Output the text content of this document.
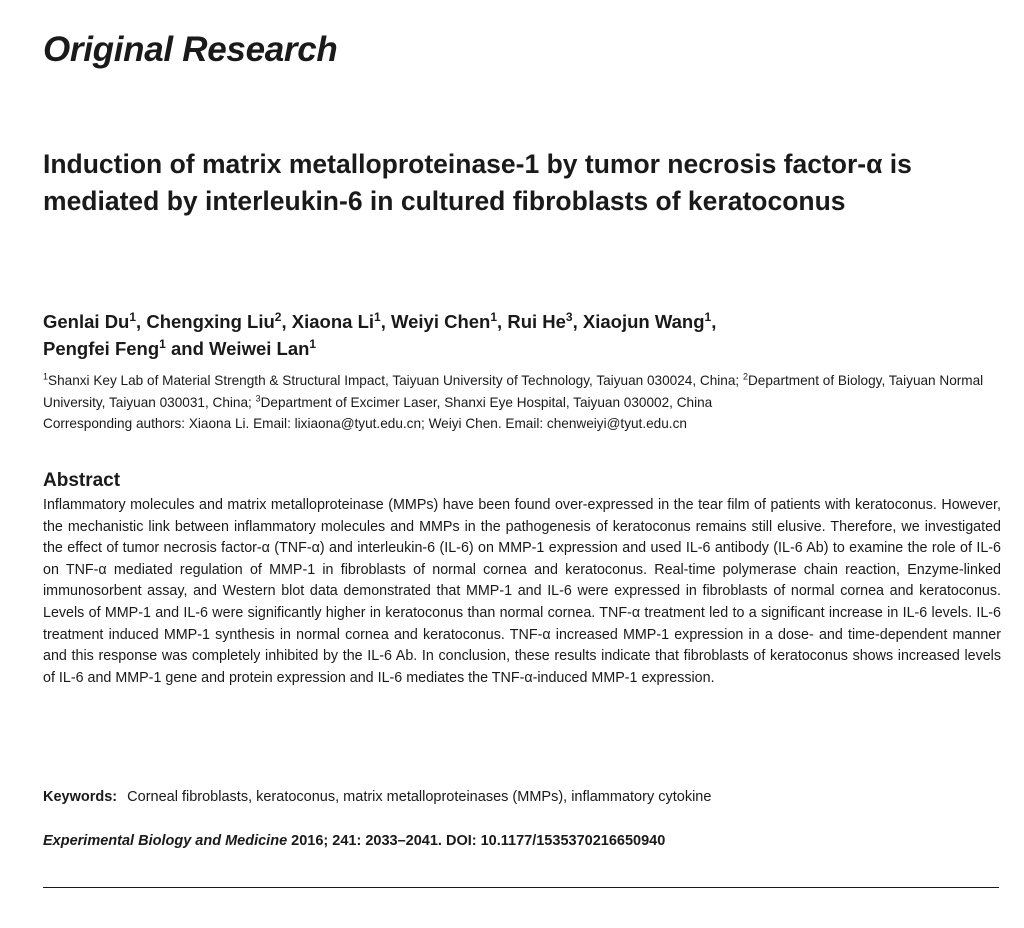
Original Research
Induction of matrix metalloproteinase-1 by tumor necrosis factor-α is mediated by interleukin-6 in cultured fibroblasts of keratoconus
Genlai Du$^1$, Chengxing Liu$^2$, Xiaona Li$^1$, Weiyi Chen$^1$, Rui He$^3$, Xiaojun Wang$^1$,
Pengfei Feng$^1$ and Weiwei Lan$^1$
$^1$Shanxi Key Lab of Material Strength & Structural Impact, Taiyuan University of Technology, Taiyuan 030024, China; $^2$Department of Biology, Taiyuan Normal University, Taiyuan 030031, China; $^3$Department of Excimer Laser, Shanxi Eye Hospital, Taiyuan 030002, China
Corresponding authors: Xiaona Li. Email: lixiaona@tyut.edu.cn; Weiyi Chen. Email: chenweiyi@tyut.edu.cn
Abstract

Inflammatory molecules and matrix metalloproteinase (MMPs) have been found over-expressed in the tear film of patients with keratoconus. However, the mechanistic link between inflammatory molecules and MMPs in the pathogenesis of keratoconus remains still elusive. Therefore, we investigated the effect of tumor necrosis factor-α (TNF-α) and interleukin-6 (IL-6) on MMP-1 expression and used IL-6 antibody (IL-6 Ab) to examine the role of IL-6 on TNF-α mediated regulation of MMP-1 in fibroblasts of normal cornea and keratoconus. Real-time polymerase chain reaction, Enzyme-linked immunosorbent assay, and Western blot data demonstrated that MMP-1 and IL-6 were expressed in fibroblasts of normal cornea and keratoconus. Levels of MMP-1 and IL-6 were significantly higher in keratoconus than normal cornea. TNF-α treatment led to a significant increase in IL-6 levels. IL-6 treatment induced MMP-1 synthesis in normal cornea and keratoconus. TNF-α increased MMP-1 expression in a dose- and time-dependent manner and this response was completely inhibited by the IL-6 Ab. In conclusion, these results indicate that fibroblasts of keratoconus shows increased levels of IL-6 and MMP-1 gene and protein expression and IL-6 mediates the TNF-α-induced MMP-1 expression.

Keywords: Corneal fibroblasts, keratoconus, matrix metalloproteinases (MMPs), inflammatory cytokine
Experimental Biology and Medicine 2016; 241: 2033–2041. DOI: 10.1177/1535370216650940
